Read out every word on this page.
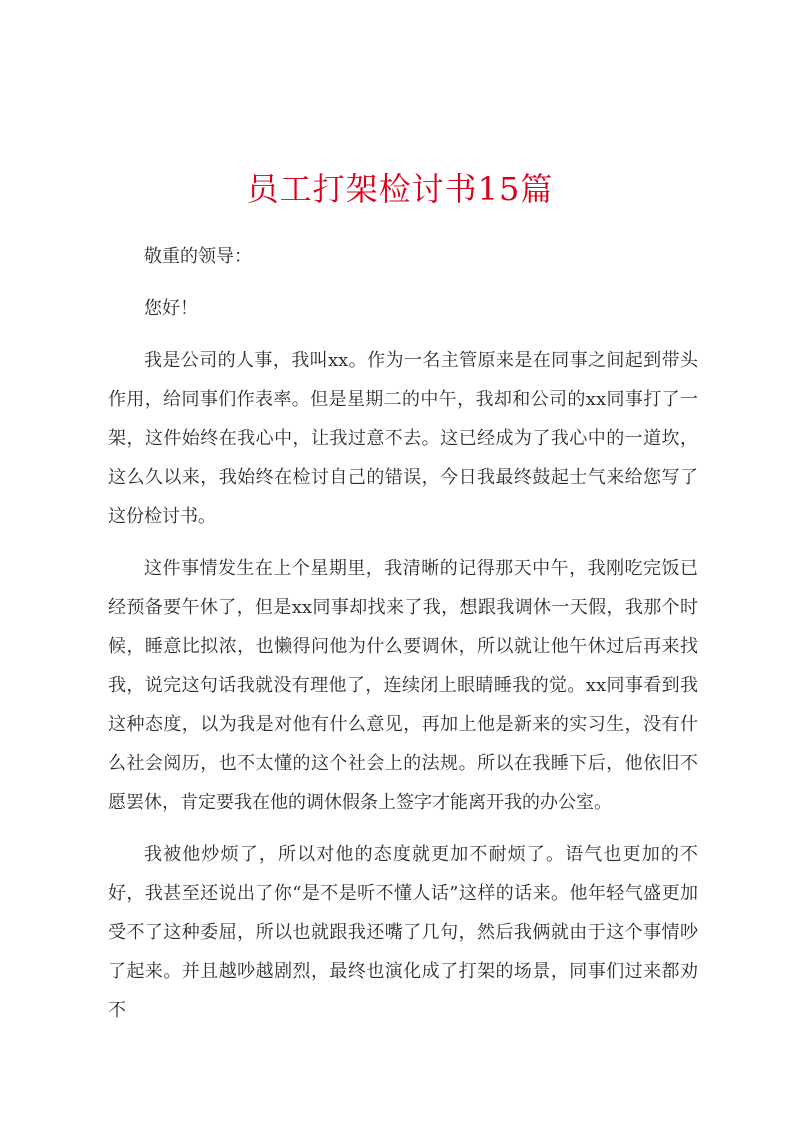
员工打架检讨书15篇

敬重的领导：

您好！

我是公司的人事，我叫xx。作为一名主管原来是在同事之间起到带头作用，给同事们作表率。但是星期二的中午，我却和公司的xx同事打了一架，这件始终在我心中，让我过意不去。这已经成为了我心中的一道坎，这么久以来，我始终在检讨自己的错误，今日我最终鼓起士气来给您写了这份检讨书。

这件事情发生在上个星期里，我清晰的记得那天中午，我刚吃完饭已经预备要午休了，但是xx同事却找来了我，想跟我调休一天假，我那个时候，睡意比拟浓，也懒得问他为什么要调休，所以就让他午休过后再来找我，说完这句话我就没有理他了，连续闭上眼睛睡我的觉。xx同事看到我这种态度，以为我是对他有什么意见，再加上他是新来的实习生，没有什么社会阅历，也不太懂的这个社会上的法规。所以在我睡下后，他依旧不愿罢休，肯定要我在他的调休假条上签字才能离开我的办公室。

我被他炒烦了，所以对他的态度就更加不耐烦了。语气也更加的不好，我甚至还说出了你“是不是听不懂人话”这样的话来。他年轻气盛更加受不了这种委屈，所以也就跟我还嘴了几句，然后我俩就由于这个事情吵了起来。并且越吵越剧烈，最终也演化成了打架的场景，同事们过来都劝不
